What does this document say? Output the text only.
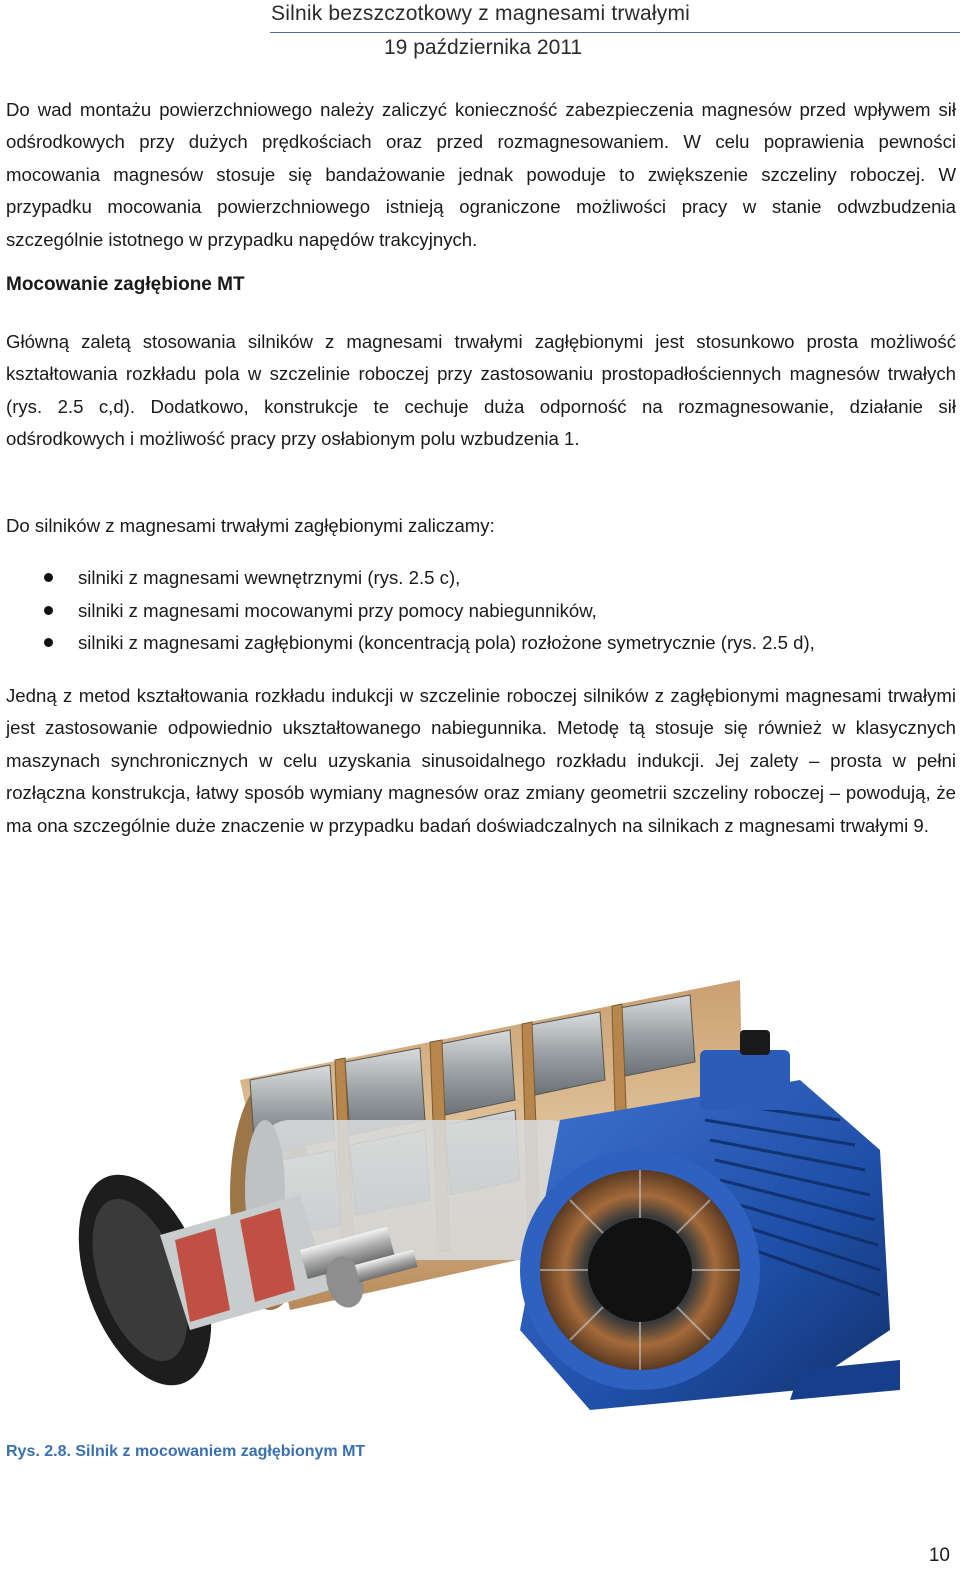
Silnik bezszczotkowy z magnesami trwałymi
19 października 2011

Do wad montażu powierzchniowego należy zaliczyć konieczność zabezpieczenia magnesów przed wpływem sił odśrodkowych przy dużych prędkościach oraz przed rozmagnesowaniem. W celu poprawienia pewności mocowania magnesów stosuje się bandażowanie jednak powoduje to zwiększenie szczeliny roboczej. W przypadku mocowania powierzchniowego istnieją ograniczone możliwości pracy w stanie odwzbudzenia szczególnie istotnego w przypadku napędów trakcyjnych.

Mocowanie zagłębione MT

Główną zaletą stosowania silników z magnesami trwałymi zagłębionymi jest stosunkowo prosta możliwość kształtowania rozkładu pola w szczelinie roboczej przy zastosowaniu prostopadłościennych magnesów trwałych (rys. 2.5 c,d). Dodatkowo, konstrukcje te cechuje duża odporność na rozmagnesowanie, działanie sił odśrodkowych i możliwość pracy przy osłabionym polu wzbudzenia 1.

Do silników z magnesami trwałymi zagłębionymi zaliczamy:

silniki z magnesami wewnętrznymi (rys. 2.5 c),
silniki z magnesami mocowanymi przy pomocy nabiegunników,
silniki z magnesami zagłębionymi (koncentracją pola) rozłożone symetrycznie (rys. 2.5 d),

Jedną z metod kształtowania rozkładu indukcji w szczelinie roboczej silników z zagłębionymi magnesami trwałymi jest zastosowanie odpowiednio ukształtowanego nabiegunnika. Metodę tą stosuje się również w klasycznych maszynach synchronicznych w celu uzyskania sinusoidalnego rozkładu indukcji. Jej zalety – prosta w pełni rozłączna konstrukcja, łatwy sposób wymiany magnesów oraz zmiany geometrii szczeliny roboczej – powodują, że ma ona szczególnie duże znaczenie w przypadku badań doświadczalnych na silnikach z magnesami trwałymi 9.

Rys. 2.8. Silnik z mocowaniem zagłębionym MT
10
